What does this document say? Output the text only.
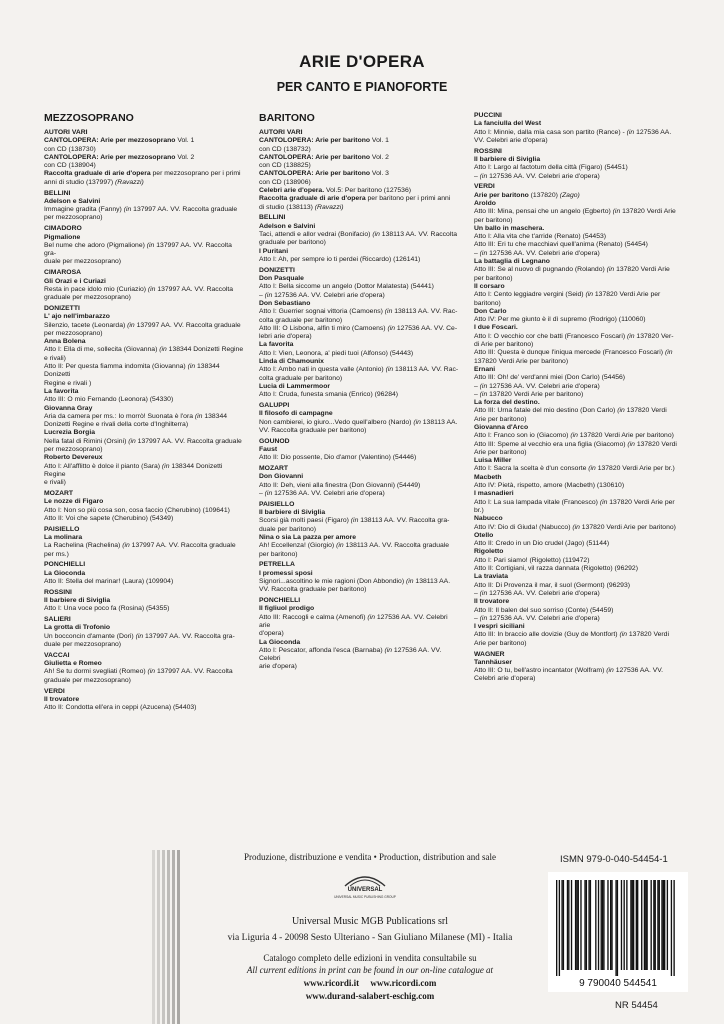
ARIE D'OPERA
PER CANTO E PIANOFORTE
MEZZOSOPRANO
AUTORI VARI
CANTOLOPERA: Arie per mezzosoprano Vol. 1
con CD (138730)
CANTOLOPERA: Arie per mezzosoprano Vol. 2
con CD (138904)
Raccolta graduale di arie d'opera per mezzosoprano per i primi
anni di studio (137997) (Ravazzi)
BELLINI
Adelson e Salvini
Immagine gradita (Fanny) (in 137997 AA. VV. Raccolta graduale
per mezzosoprano)
CIMADORO
Pigmalione
Bel nume che adoro (Pigmalione) (in 137997 AA. VV. Raccolta gra-
duale per mezzosoprano)
CIMAROSA
Gli Orazi e i Curiazi
Resta in pace idolo mio (Curiazio) (in 137997 AA. VV. Raccolta
graduale per mezzosoprano)
DONIZETTI
L' ajo nell'imbarazzo
Silenzio, tacete (Leonarda) (in 137997 AA. VV. Raccolta graduale
per mezzosoprano)
Anna Bolena
Atto I: Ella di me, sollecita (Giovanna) (in 138344 Donizetti Regine
e rivali)
Atto II: Per questa fiamma indomita (Giovanna) (in 138344 Donizetti
Regine e rivali )
La favorita
Atto III: O mio Fernando (Leonora) (54330)
Giovanna Gray
Aria da camera per ms.: Io morrò! Suonata è l'ora (in 138344
Donizetti Regine e rivali della corte d'Inghilterra)
Lucrezia Borgia
Nella fatal di Rimini (Orsini) (in 137997 AA. VV. Raccolta graduale
per mezzosoprano)
Roberto Devereux
Atto I: All'afflitto è dolce il pianto (Sara) (in 138344 Donizetti Regine
e rivali)
MOZART
Le nozze di Figaro
Atto I: Non so più cosa son, cosa faccio (Cherubino) (109641)
Atto II: Voi che sapete (Cherubino) (54349)
PAISIELLO
La molinara
La Rachelina (Rachelina) (in 137997 AA. VV. Raccolta graduale per ms.)
PONCHIELLI
La Gioconda
Atto II: Stella del marinar! (Laura) (109904)
ROSSINI
Il barbiere di Siviglia
Atto I: Una voce poco fa (Rosina) (54355)
SALIERI
La grotta di Trofonio
Un bocconcin d'amante (Dori) (in 137997 AA. VV. Raccolta gra-
duale per mezzosoprano)
VACCAI
Giulietta e Romeo
Ah! Se tu dormi svegliati (Romeo) (in 137997 AA. VV. Raccolta
graduale per mezzosoprano)
VERDI
Il trovatore
Atto II: Condotta ell'era in ceppi (Azucena) (54403)
BARITONO
AUTORI VARI
CANTOLOPERA: Arie per baritono Vol. 1
con CD (138732)
CANTOLOPERA: Arie per baritono Vol. 2
con CD (138825)
CANTOLOPERA: Arie per baritono Vol. 3
con CD (138906)
Celebri arie d'opera. Vol.5: Per baritono (127536)
Raccolta graduale di arie d'opera per baritono per i primi anni
di studio (138113) (Ravazzi)
BELLINI
Adelson e Salvini
Taci, attendi e allor vedrai (Bonifacio) (in 138113 AA. VV. Raccolta
graduale per baritono)
I Puritani
Atto I: Ah, per sempre io ti perdei (Riccardo) (126141)
DONIZETTI
Don Pasquale
Atto I: Bella siccome un angelo (Dottor Malatesta) (54441)
– (in 127536 AA. VV. Celebri arie d'opera)
Don Sebastiano
Atto I: Guerrier sognai vittoria (Camoens) (in 138113 AA. VV. Rac-
colta graduale per baritono)
Atto III: O Lisbona, alfin ti miro (Camoens) (in 127536 AA. VV. Ce-
lebri arie d'opera)
La favorita
Atto I: Vien, Leonora, a' piedi tuoi (Alfonso) (54443)
Linda di Chamounix
Atto I: Ambo nati in questa valle (Antonio) (in 138113 AA. VV. Rac-
colta graduale per baritono)
Lucia di Lammermoor
Atto I: Cruda, funesta smania (Enrico) (96284)
GALUPPI
Il filosofo di campagne
Non cambierei, io giuro...Vedo quell'albero (Nardo) (in 138113 AA.
VV. Raccolta graduale per baritono)
GOUNOD
Faust
Atto II: Dio possente, Dio d'amor (Valentino) (54446)
MOZART
Don Giovanni
Atto II: Deh, vieni alla finestra (Don Giovanni) (54449)
– (in 127536 AA. VV. Celebri arie d'opera)
PAISIELLO
Il barbiere di Siviglia
Scorsi già molti paesi (Figaro) (in 138113 AA. VV. Raccolta gra-
duale per baritono)
Nina o sia La pazza per amore
Ah! Eccellenza! (Giorgio) (in 138113 AA. VV. Raccolta graduale
per baritono)
PETRELLA
I promessi sposi
Signori...ascoltino le mie ragioni (Don Abbondio) (in 138113 AA.
VV. Raccolta graduale per baritono)
PONCHIELLI
Il figliuol prodigo
Atto III: Raccogli e calma (Amenofi) (in 127536 AA. VV. Celebri arie
d'opera)
La Gioconda
Atto I: Pescator, affonda l'esca (Barnaba) (in 127536 AA. VV. Celebri
arie d'opera)
PUCCINI
La fanciulla del West
Atto I: Minnie, dalla mia casa son partito (Rance) - (in 127536 AA.
VV. Celebri arie d'opera)
ROSSINI
Il barbiere di Siviglia
Atto I: Largo al factotum della città (Figaro) (54451)
– (in 127536 AA. VV. Celebri arie d'opera)
VERDI
Arie per baritono (137820) (Zago)
Aroldo
Atto III: Mina, pensai che un angelo (Egberto) (in 137820 Verdi Arie
per baritono)
Un ballo in maschera.
Atto I: Alla vita che t'arride (Renato) (54453)
Atto III: Eri tu che macchiavi quell'anima (Renato) (54454)
– (in 127536 AA. VV. Celebri arie d'opera)
La battaglia di Legnano
Atto III: Se al nuovo dì pugnando (Rolando) (in 137820 Verdi Arie
per baritono)
Il corsaro
Atto I: Cento leggiadre vergini (Seid) (in 137820 Verdi Arie per baritono)
Don Carlo
Atto IV: Per me giunto è il dì supremo (Rodrigo) (110060)
I due Foscari.
Atto I: O vecchio cor che batti (Francesco Foscari) (in 137820 Ver-
di Arie per baritono)
Atto III: Questa è dunque l'iniqua mercede (Francesco Foscari) (in
137820 Verdi Arie per baritono)
Ernani
Atto III: Oh! de' verd'anni miei (Don Carlo) (54456)
– (in 127536 AA. VV. Celebri arie d'opera)
– (in 137820 Verdi Arie per baritono)
La forza del destino.
Atto III: Urna fatale del mio destino (Don Carlo) (in 137820 Verdi
Arie per baritono)
Giovanna d'Arco
Atto I: Franco son io (Giacomo) (in 137820 Verdi Arie per baritono)
Atto III: Speme al vecchio era una figlia (Giacomo) (in 137820 Verdi
Arie per baritono)
Luisa Miller
Atto I: Sacra la scelta è d'un consorte (in 137820 Verdi Arie per br.)
Macbeth
Atto IV: Pietà, rispetto, amore (Macbeth) (130610)
I masnadieri
Atto I: La sua lampada vitale (Francesco) (in 137820 Verdi Arie per br.)
Nabucco
Atto IV: Dio di Giuda! (Nabucco) (in 137820 Verdi Arie per baritono)
Otello
Atto II: Credo in un Dio crudel (Jago) (51144)
Rigoletto
Atto I: Pari siamo! (Rigoletto) (119472)
Atto II: Cortigiani, vil razza dannata (Rigoletto) (96292)
La traviata
Atto II: Di Provenza il mar, il suol (Germont) (96293)
– (in 127536 AA. VV. Celebri arie d'opera)
Il trovatore
Atto II: Il balen del suo sorriso (Conte) (54459)
– (in 127536 AA. VV. Celebri arie d'opera)
I vespri siciliani
Atto III: In braccio alle dovizie (Guy de Montfort) (in 137820 Verdi
Arie per baritono)
WAGNER
Tannhäuser
Atto III: O tu, bell'astro incantator (Wolfram) (in 127536 AA. VV.
Celebri arie d'opera)
Produzione, distribuzione e vendita • Production, distribution and sale
UNIVERSAL
UNIVERSAL MUSIC PUBLISHING GROUP
Universal Music MGB Publications srl
via Liguria 4 - 20098 Sesto Ulteriano - San Giuliano Milanese (MI) - Italia
Catalogo completo delle edizioni in vendita consultabile su
All current editions in print can be found in our on-line catalogue at
www.ricordi.it www.ricordi.com
www.durand-salabert-eschig.com
ISMN 979-0-040-54454-1
9 790040 544541
NR 54454
